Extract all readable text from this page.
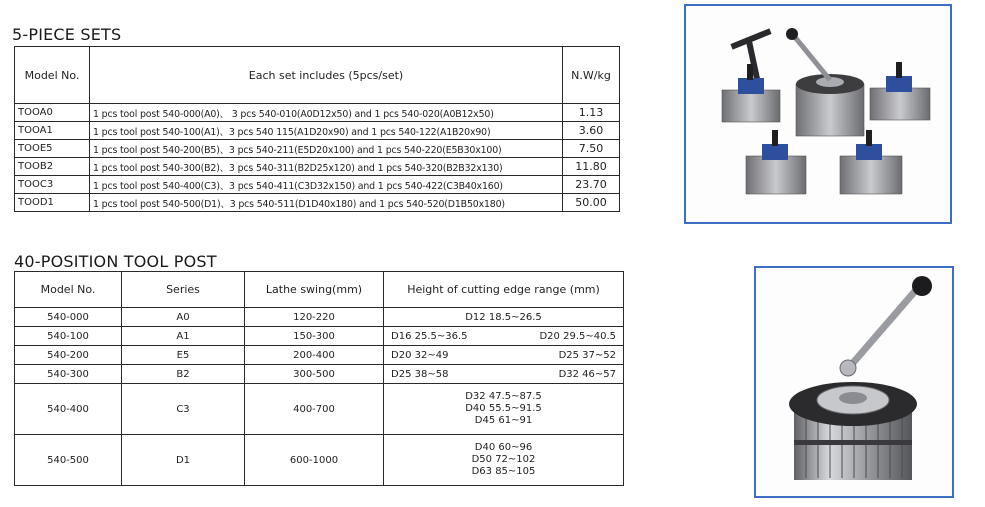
5-PIECE SETS
Model No.	Each set includes (5pcs/set)	N.W/kg
TOOA0	1 pcs tool post 540-000(A0)、 3 pcs 540-010(A0D12x50) and 1 pcs 540-020(A0B12x50)	1.13
TOOA1	1 pcs tool post 540-100(A1)、3 pcs 540 115(A1D20x90) and 1 pcs 540-122(A1B20x90)	3.60
TOOE5	1 pcs tool post 540-200(B5)、3 pcs 540-211(E5D20x100) and 1 pcs 540-220(E5B30x100)	7.50
TOOB2	1 pcs tool post 540-300(B2)、3 pcs 540-311(B2D25x120) and 1 pcs 540-320(B2B32x130)	11.80
TOOC3	1 pcs tool post 540-400(C3)、3 pcs 540-411(C3D32x150) and 1 pcs 540-422(C3B40x160)	23.70
TOOD1	1 pcs tool post 540-500(D1)、3 pcs 540-511(D1D40x180) and 1 pcs 540-520(D1B50x180)	50.00
40-POSITION TOOL POST
Model No.	Series	Lathe swing(mm)	Height of cutting edge range (mm)
540-000	A0	120-220	D12 18.5~26.5
540-100	A1	150-300	D16 25.5~36.5 D20 29.5~40.5

540-200	E5	200-400	D20 32~49 D25 37~52

540-300	B2	300-500	D25 38~58 D32 46~57

540-400	C3	400-700	D32 47.5~87.5
D40 55.5~91.5
D45 61~91

540-500	D1	600-1000	D40 60~96
D50 72~102
D63 85~105
